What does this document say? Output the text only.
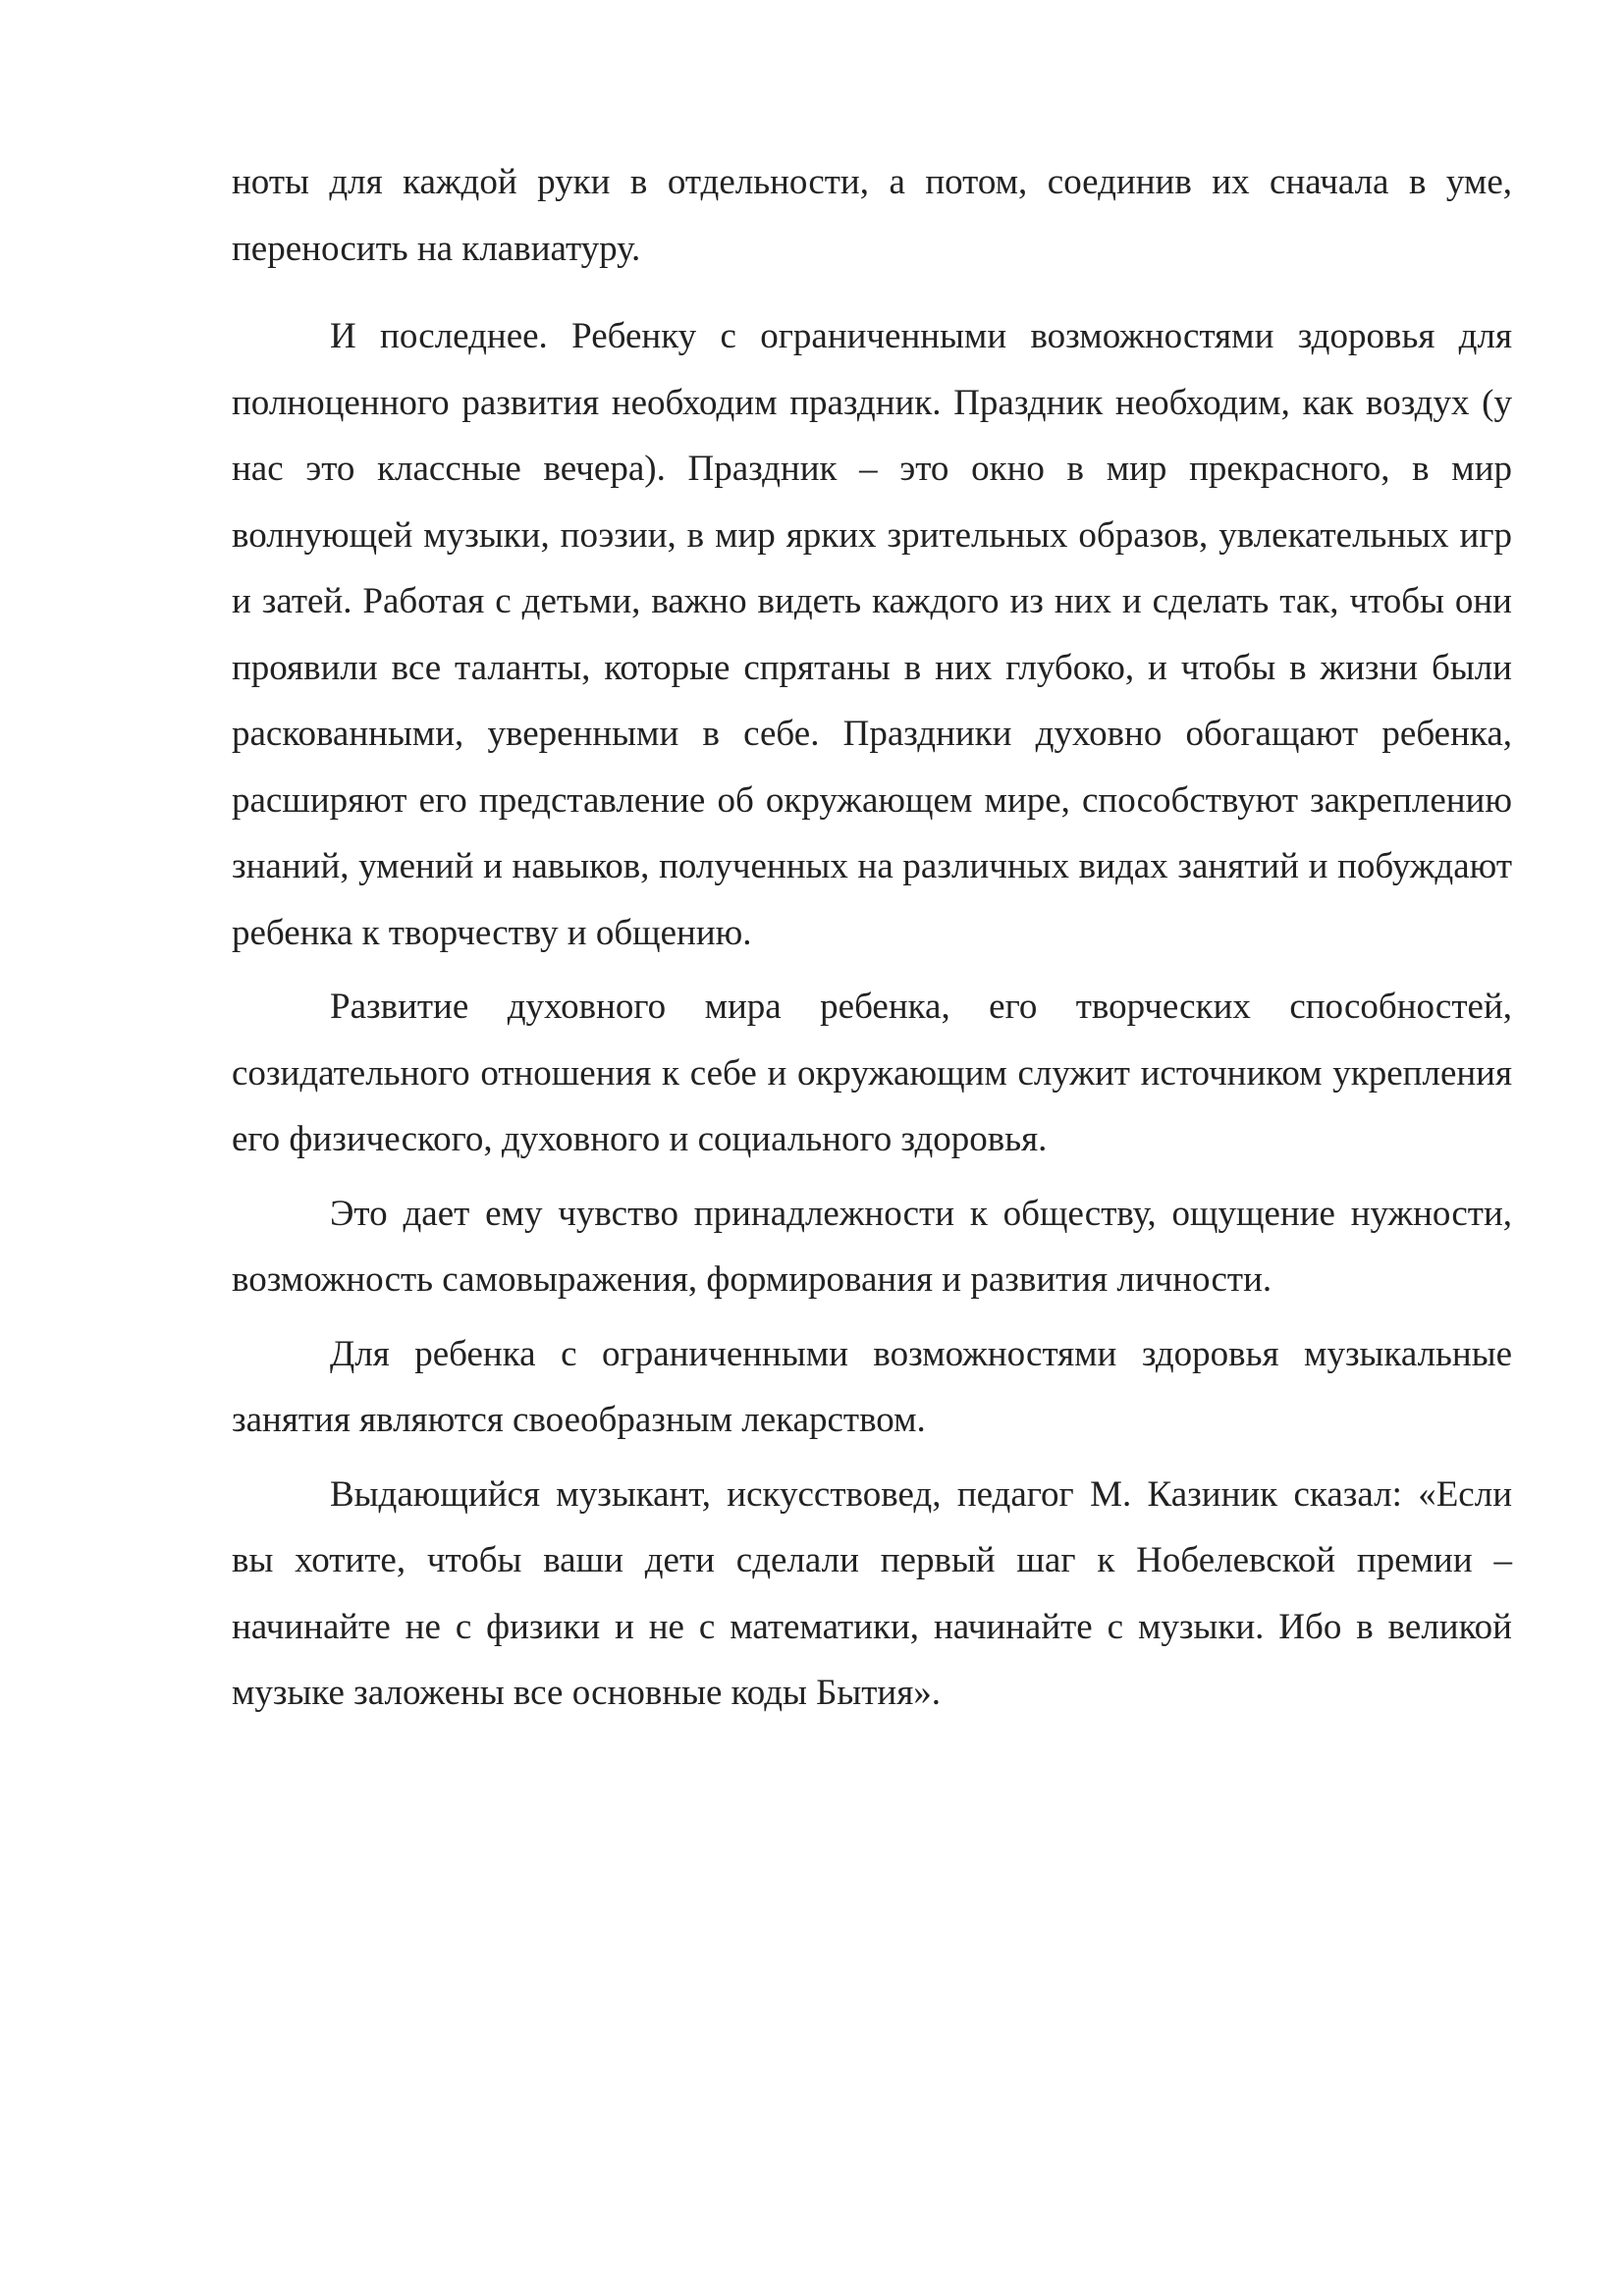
ноты для каждой руки в отдельности, а потом, соединив их сначала в уме, переносить на клавиатуру.

И последнее. Ребенку с ограниченными возможностями здоровья для полноценного развития необходим праздник. Праздник необходим, как воздух (у нас это классные вечера). Праздник – это окно в мир прекрасного, в мир волнующей музыки, поэзии, в мир ярких зрительных образов, увлекательных игр и затей. Работая с детьми, важно видеть каждого из них и сделать так, чтобы они проявили все таланты, которые спрятаны в них глубоко, и чтобы в жизни были раскованными, уверенными в себе. Праздники духовно обогащают ребенка, расширяют его представление об окружающем мире, способствуют закреплению знаний, умений и навыков, полученных на различных видах занятий и побуждают ребенка к творчеству и общению.

Развитие духовного мира ребенка, его творческих способностей, созидательного отношения к себе и окружающим служит источником укрепления его физического, духовного и социального здоровья.

Это дает ему чувство принадлежности к обществу, ощущение нужности, возможность самовыражения, формирования и развития личности.

Для ребенка с ограниченными возможностями здоровья музыкальные занятия являются своеобразным лекарством.

Выдающийся музыкант, искусствовед, педагог М. Казиник сказал: «Если вы хотите, чтобы ваши дети сделали первый шаг к Нобелевской премии – начинайте не с физики и не с математики, начинайте с музыки. Ибо в великой музыке заложены все основные коды Бытия».
